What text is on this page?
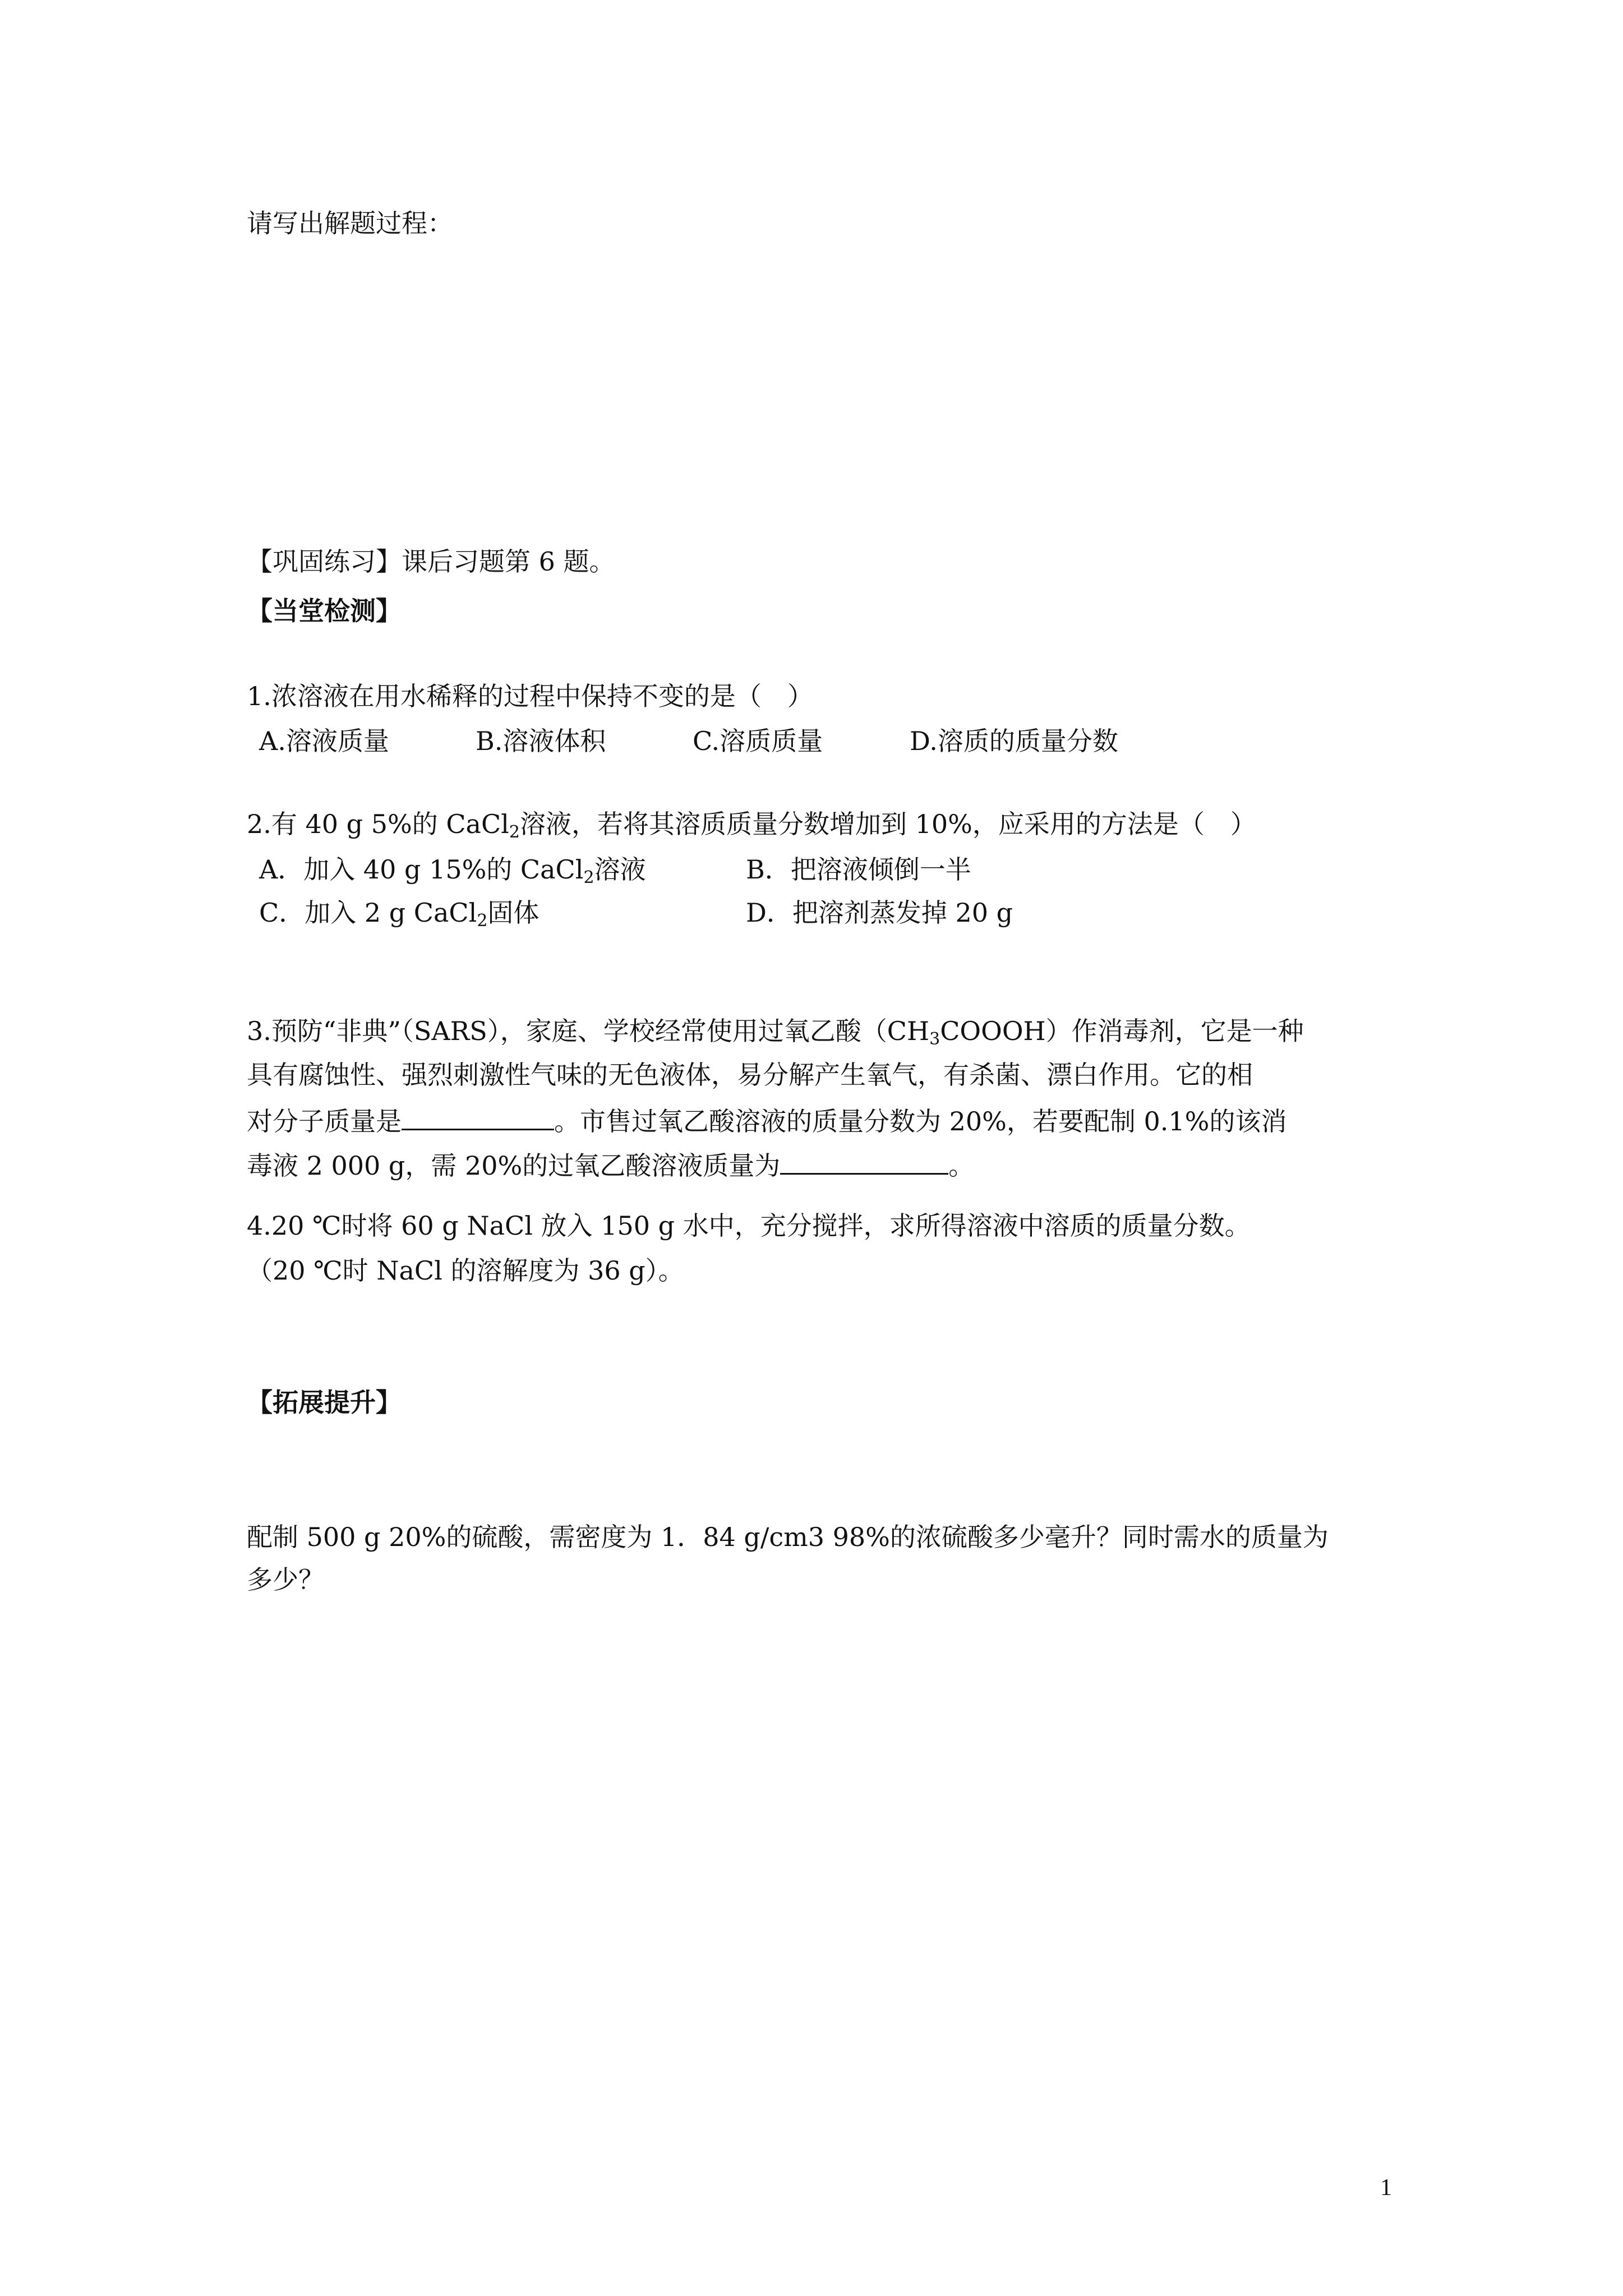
请写出解题过程：
【巩固练习】课后习题第 6 题。
【当堂检测】
1.浓溶液在用水稀释的过程中保持不变的是（　）
A.溶液质量	B.溶液体积	C.溶质质量	D.溶质的质量分数
2.有 40 g 5%的 CaCl$_2$溶液，若将其溶质质量分数增加到 10%，应采用的方法是（　）
A．加入 40 g 15%的 CaCl$_2$溶液	B．把溶液倾倒一半
C．加入 2 g CaCl$_2$固体	D．把溶剂蒸发掉 20 g
3.预防“非典”（SARS），家庭、学校经常使用过氧乙酸$(CH_3COOOH)$作消毒剂，它是一种
具有腐蚀性、强烈刺激性气味的无色液体，易分解产生氧气，有杀菌、漂白作用。它的相
对分子质量是	。市售过氧乙酸溶液的质量分数为 20%，若要配制 0.1%的该消
毒液 2 000 g，需 20%的过氧乙酸溶液质量为	。
4.20 ℃时将 60 g NaCl 放入 150 g 水中，充分搅拌，求所得溶液中溶质的质量分数。
（20 ℃时 NaCl 的溶解度为 36 g）。
【拓展提升】
配制 500 g 20%的硫酸，需密度为 1．84 g/cm3 98%的浓硫酸多少毫升？同时需水的质量为
多少？
1
